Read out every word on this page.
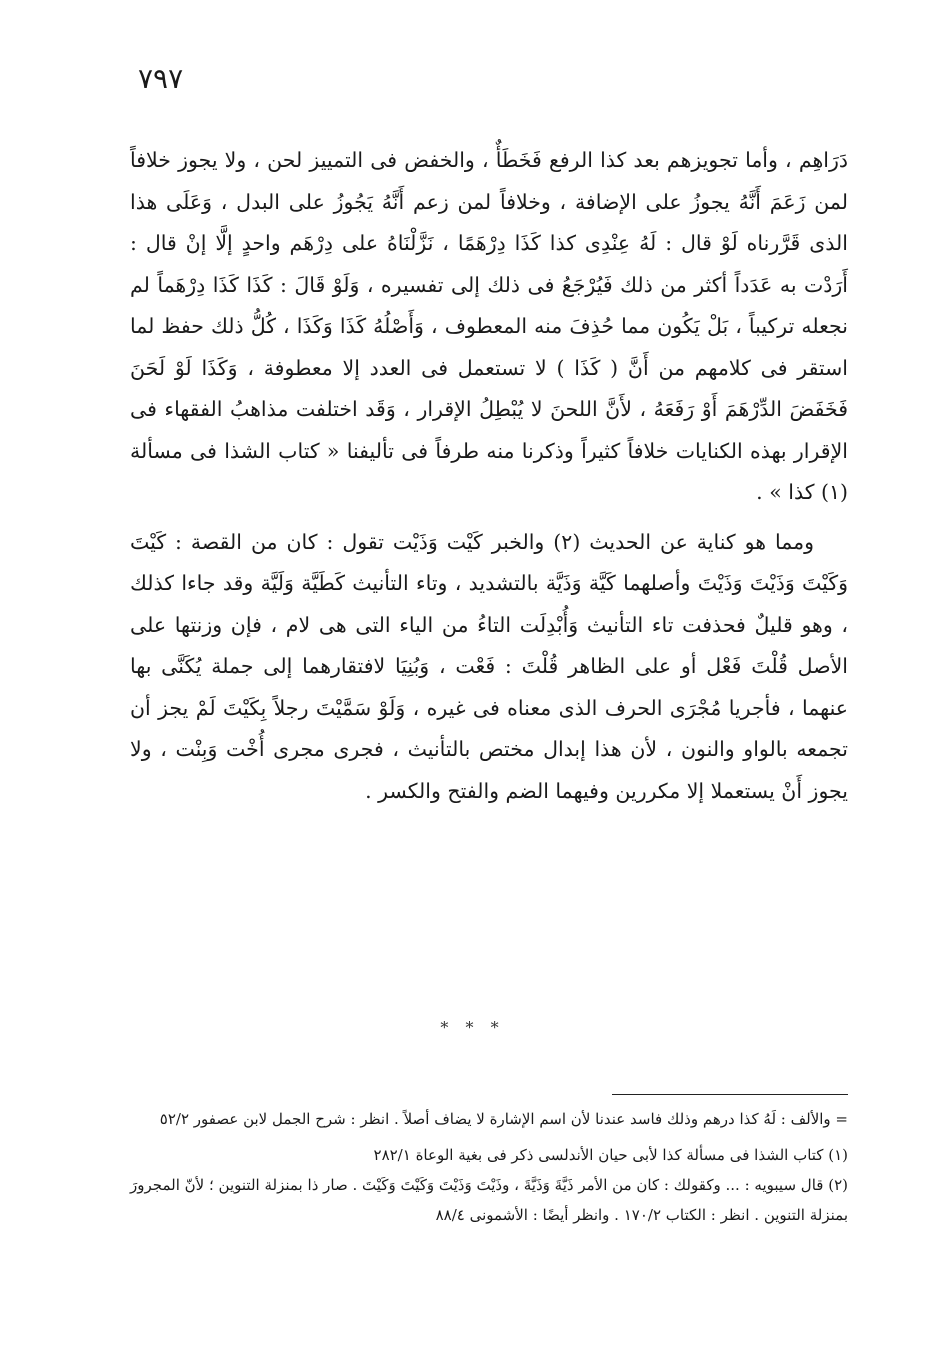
٧٩٧

دَرَاهِم ، وأما تجويزهم بعد كذا الرفع فَخَطَأٌ ، والخفض فى التمييز لحن ، ولا يجوز خلافاً لمن زَعَمَ أَنَّهُ يجوزُ على الإضافة ، وخلافاً لمن زعم أَنَّهُ يَجُوزُ على البدل ، وَعَلَى هذا الذى قَرَّرناه لَوْ قال : لَهُ عِنْدِى كذا كَذَا دِرْهَمًا ، نَزَّلْنَاهُ على دِرْهَم واحدٍ إلَّا إنْ قال : أَرَدْت به عَدَداً أكثر من ذلك فَيُرْجَعُ فى ذلك إلى تفسيره ، وَلَوْ قَالَ : كَذَا كَذَا دِرْهَماً لم نجعله تركيباً ، بَلْ يَكُون مما حُذِفَ منه المعطوف ، وَأَصْلُهُ كَذَا وَكَذَا ، كُلُّ ذلك حفظ لما استقر فى كلامهم من أَنَّ ( كَذَا ) لا تستعمل فى العدد إلا معطوفة ، وَكَذَا لَوْ لَحَنَ فَخَفَضَ الدِّرْهَمَ أَوْ رَفَعَهُ ، لأَنَّ اللحنَ لا يُبْطِلُ الإقرار ، وَقَد اختلفت مذاهبُ الفقهاء فى الإقرار بهذه الكنايات خلافاً كثيراً وذكرنا منه طرفاً فى تأليفنا « كتاب الشذا فى مسألة (١) كذا » .

ومما هو كناية عن الحديث (٢) والخبر كَيْت وَذَيْت تقول : كان من القصة : كَيْتَ وَكَيْتَ وَذَيْتَ وَذَيْتَ وأصلهما كَيَّة وَذَيَّة بالتشديد ، وتاء التأنيث كَطَيَّة وَلَيَّة وقد جاءا كذلك ، وهو قليلٌ فحذفت تاء التأنيث وَأُبْدِلَت التاءُ من الياء التى هى لام ، فإن وزنتها على الأصل قُلْتَ فَعْل أو على الظاهر قُلْتَ : فَعْت ، وَبُنِيَا لافتقارهما إلى جملة يُكَنَّى بها عنهما ، فأجريا مُجْرَى الحرف الذى معناه فى غيره ، وَلَوْ سَمَّيْتَ رجلاً بِكَيْتَ لَمْ يجز أن تجمعه بالواو والنون ، لأن هذا إبدال مختص بالتأنيث ، فجرى مجرى أُخْت وَبِنْت ، ولا يجوز أَنْ يستعملا إلا مكررين وفيهما الضم والفتح والكسر .

* * *

= والألف : لَهُ كذا درهم وذلك فاسد عندنا لأن اسم الإشارة لا يضاف أصلاً . انظر : شرح الجمل لابن عصفور ٥٢/٢

(١) كتاب الشذا فى مسألة كذا لأبى حيان الأندلسى ذكر فى بغية الوعاة ٢٨٢/١

(٢) قال سيبويه : ... وكقولك : كان من الأمر ذَيَّةَ وَذَيَّةَ ، وذَيْتَ وَذَيْتَ وَكَيْتَ وَكَيْتَ . صار ذا بمنزلة التنوين ؛ لأنّ المجرورَ بمنزلة التنوين . انظر : الكتاب ١٧٠/٢ . وانظر أيضًا : الأشمونى ٨٨/٤
